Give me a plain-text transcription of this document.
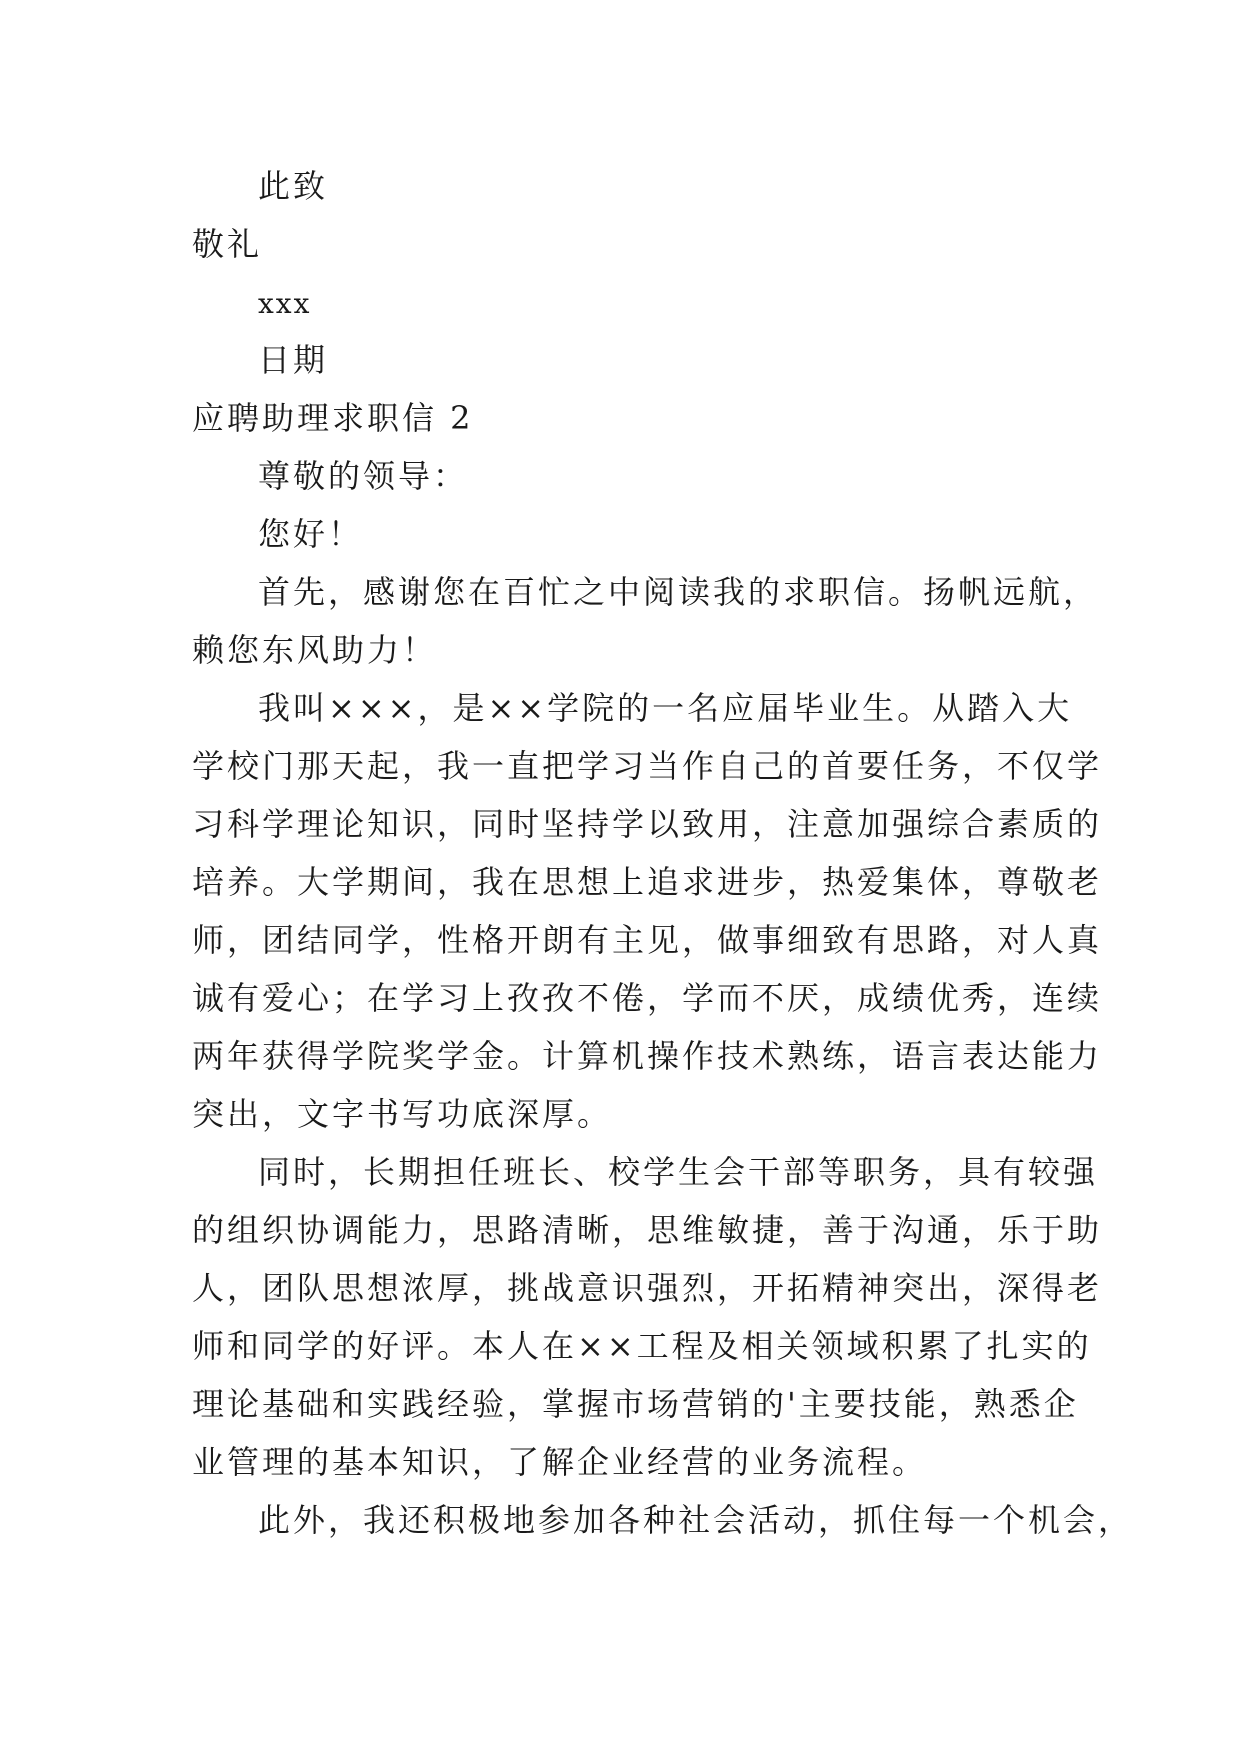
此致
敬礼
xxx
日期
应聘助理求职信 2
尊敬的领导：
您好！
首先，感谢您在百忙之中阅读我的求职信。扬帆远航，
赖您东风助力！
我叫×××，是××学院的一名应届毕业生。从踏入大
学校门那天起，我一直把学习当作自己的首要任务，不仅学
习科学理论知识，同时坚持学以致用，注意加强综合素质的
培养。大学期间，我在思想上追求进步，热爱集体，尊敬老
师，团结同学，性格开朗有主见，做事细致有思路，对人真
诚有爱心；在学习上孜孜不倦，学而不厌，成绩优秀，连续
两年获得学院奖学金。计算机操作技术熟练，语言表达能力
突出，文字书写功底深厚。
同时，长期担任班长、校学生会干部等职务，具有较强
的组织协调能力，思路清晰，思维敏捷，善于沟通，乐于助
人，团队思想浓厚，挑战意识强烈，开拓精神突出，深得老
师和同学的好评。本人在××工程及相关领域积累了扎实的
理论基础和实践经验，掌握市场营销的'主要技能，熟悉企
业管理的基本知识，了解企业经营的业务流程。
此外，我还积极地参加各种社会活动，抓住每一个机会，
